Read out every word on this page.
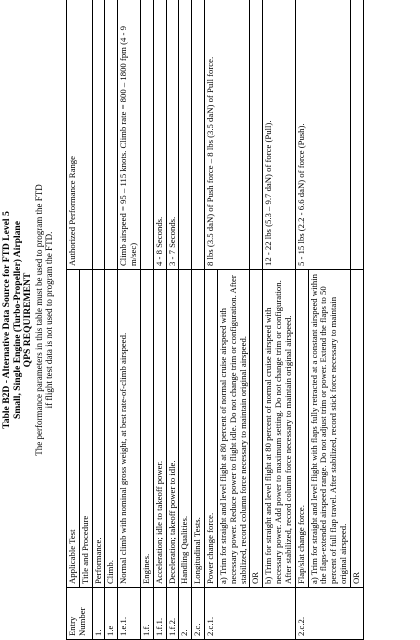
Table B2D - Alternative Data Source for FTD Level 5 Small, Single Engine (Turbo-Propeller) Airplane QPS REQUIREMENT The performance parameters in this table must be used to program the FTD if flight test data is not used to program the FTD.
Entry Number	Applicable Test	Authorized Performance Range
	Title and Procedure	
1.	Performance.	
1.e	Climb.	
1.e.1.	Normal climb with nominal gross weight, at best rate-of-climb airspeed.	Climb airspeed = 95 – 115 knots. Climb rate = 800 – 1800 fpm (4 - 9 m/sec)
1.f.	Engines.	
1.f.1.	Acceleration; idle to takeoff power.	4 - 8 Seconds.
1.f.2.	Deceleration; takeoff power to idle.	3 - 7 Seconds.
2.	Handling Qualities.	
2.c.	Longitudinal Tests.	
2.c.1.	Power change force.	8 lbs (3.5 daN) of Push force – 8 lbs (3.5 daN) of Pull force.
	a) Trim for straight and level flight at 80 percent of normal cruise airspeed with necessary power. Reduce power to flight idle. Do not change trim or configuration. After stabilized, record column force necessary to maintain original airspeed.	
	OR	
	b) Trim for straight and level flight at 80 percent of normal cruise airspeed with necessary power. Add power to maximum setting. Do not change trim or configuration. After stabilized, record column force necessary to maintain original airspeed.	12 - 22 lbs (5.3 – 9.7 daN) of force (Pull).
2.c.2.	Flap/slat change force.	5 - 15 lbs (2.2 - 6.6 daN) of force (Push).
	a) Trim for straight and level flight with flaps fully retracted at a constant airspeed within the flaps-extended airspeed range. Do not adjust trim or power. Extend the flaps to 50 percent of full flap travel. After stabilized, record stick force necessary to maintain original airspeed.	
	OR	
